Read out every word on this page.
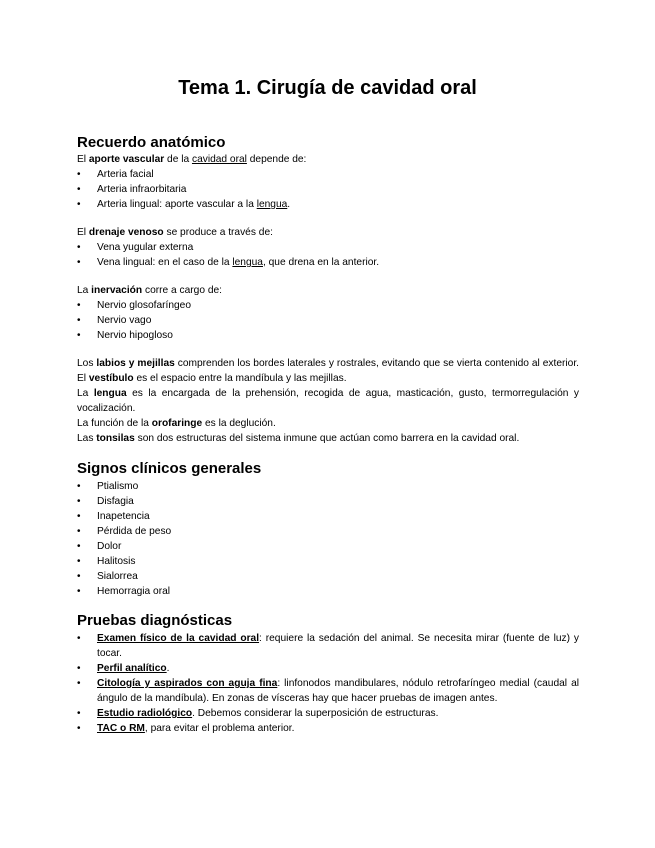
Tema 1. Cirugía de cavidad oral
Recuerdo anatómico

El aporte vascular de la cavidad oral depende de:

• Arteria facial
• Arteria infraorbitaria
• Arteria lingual: aporte vascular a la lengua.

El drenaje venoso se produce a través de:

• Vena yugular externa
• Vena lingual: en el caso de la lengua, que drena en la anterior.

La inervación corre a cargo de:

• Nervio glosofaríngeo
• Nervio vago
• Nervio hipogloso

Los labios y mejillas comprenden los bordes laterales y rostrales, evitando que se vierta contenido al exterior. El vestíbulo es el espacio entre la mandíbula y las mejillas.

La lengua es la encargada de la prehensión, recogida de agua, masticación, gusto, termorregulación y vocalización.

La función de la orofaringe es la deglución.

Las tonsilas son dos estructuras del sistema inmune que actúan como barrera en la cavidad oral.

Signos clínicos generales
• Ptialismo
• Disfagia
• Inapetencia
• Pérdida de peso
• Dolor
• Halitosis
• Sialorrea
• Hemorragia oral
Pruebas diagnósticas
• Examen físico de la cavidad oral: requiere la sedación del animal. Se necesita mirar (fuente de luz) y tocar.
• Perfil analítico.
• Citología y aspirados con aguja fina: linfonodos mandibulares, nódulo retrofaríngeo medial (caudal al ángulo de la mandíbula). En zonas de vísceras hay que hacer pruebas de imagen antes.
• Estudio radiológico. Debemos considerar la superposición de estructuras.
• TAC o RM, para evitar el problema anterior.
